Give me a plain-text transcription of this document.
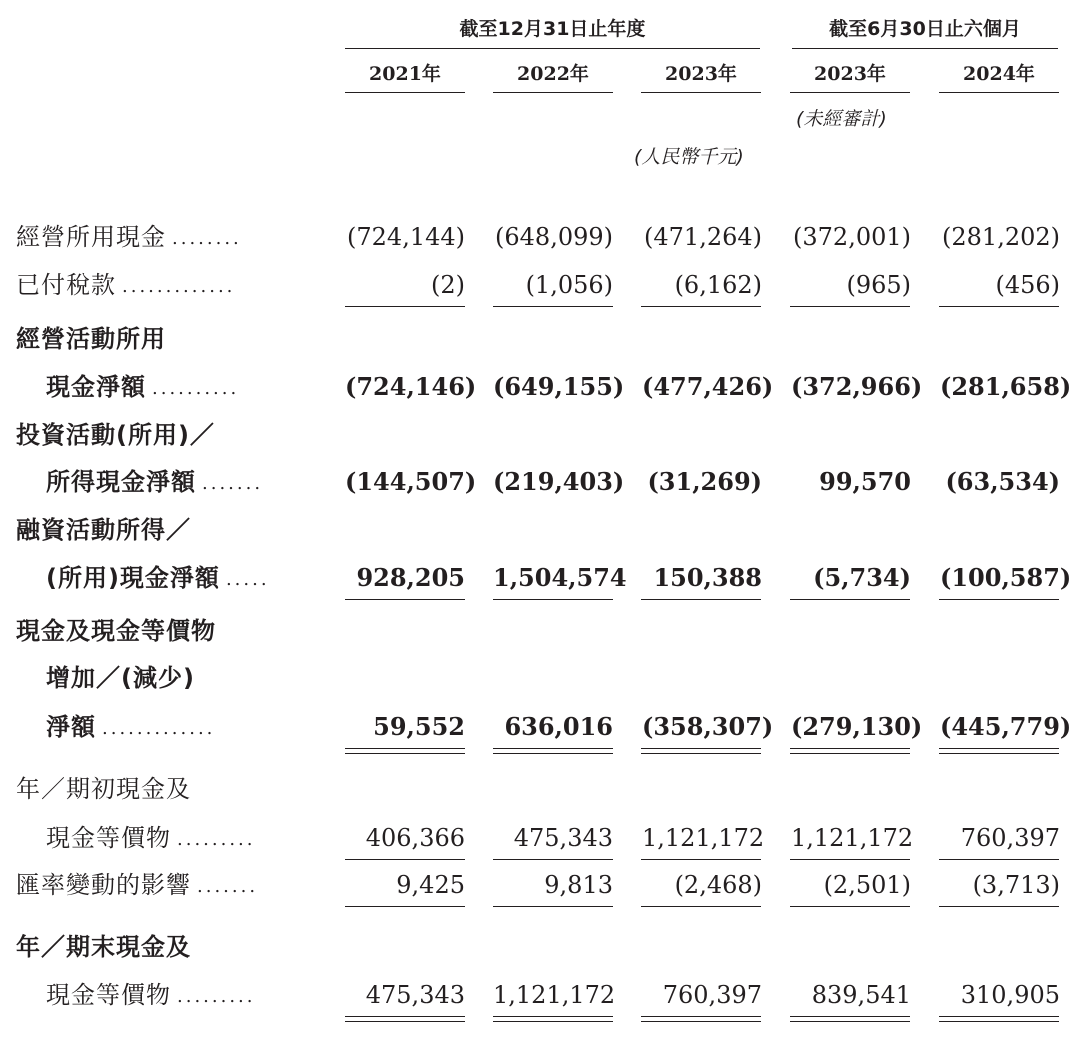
截至12月31日止年度	截至6月30日止六個月
2021年	2022年	2023年	2023年	2024年
(未經審計)
(人民幣千元)
經營所用現金 ........	(724,144) (648,099) (471,264) (372,001) (281,202)
已付稅款 .............	(2)	(1,056)	(6,162)	(965)	(456)
經營活動所用
現金淨額 ..........	(724,146) (649,155) (477,426) (372,966) (281,658)
投資活動(所用)／
所得現金淨額 .......	(144,507) (219,403) (31,269)	99,570 (63,534)
融資活動所得／
(所用)現金淨額 .....	928,205 1,504,574	150,388	(5,734) (100,587)
現金及現金等價物
增加／(減少)
淨額 .............	59,552	636,016 (358,307) (279,130) (445,779)
年／期初現金及
現金等價物 .........	406,366	475,343 1,121,172 1,121,172	760,397
匯率變動的影響 .......	9,425	9,813	(2,468)	(2,501)	(3,713)
年／期末現金及
現金等價物 .........	475,343 1,121,172	760,397	839,541	310,905
